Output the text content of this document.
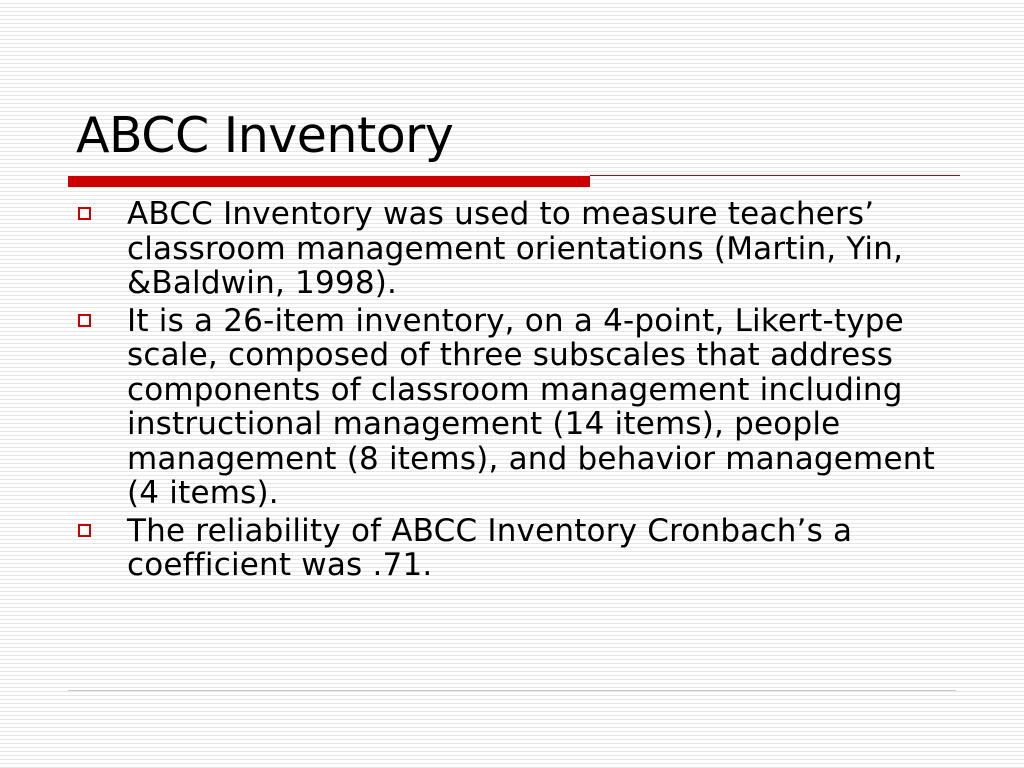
ABCC Inventory
ABCC Inventory was used to measure teachers’ classroom management orientations (Martin, Yin, &Baldwin, 1998).
It is a 26-item inventory, on a 4-point, Likert-type scale, composed of three subscales that address components of classroom management including instructional management (14 items), people management (8 items), and behavior management (4 items).
The reliability of ABCC Inventory Cronbach’s a coefficient was .71.
